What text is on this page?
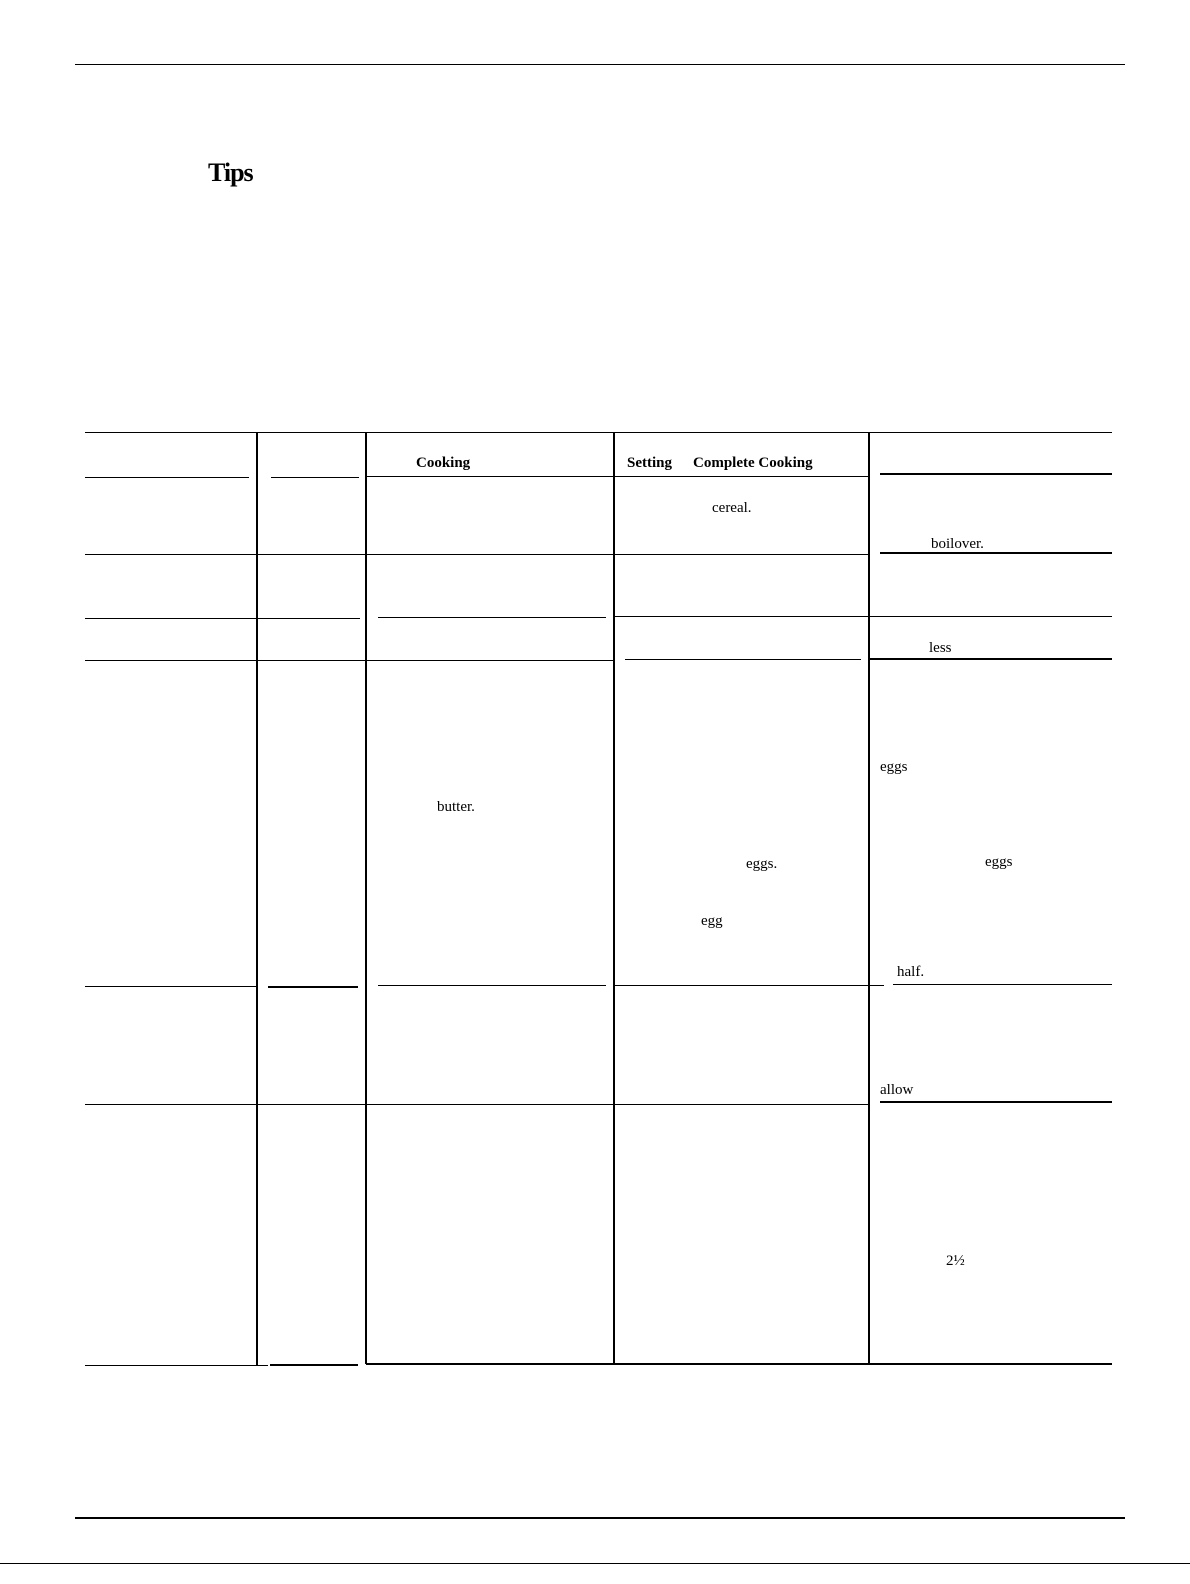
Tips
Cooking	Setting Complete Cooking
cereal.
boilover.
less
eggs
butter.
eggs.	eggs
egg
half.
allow
2½
